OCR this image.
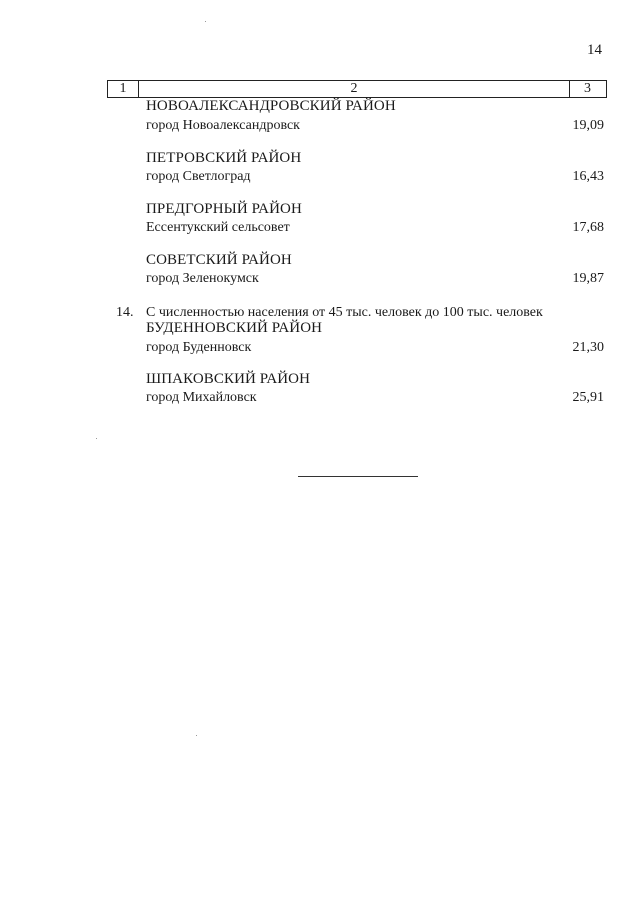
14
1	2	3
НОВОАЛЕКСАНДРОВСКИЙ РАЙОН
город Новоалександровск	19,09
ПЕТРОВСКИЙ РАЙОН
город Светлоград	16,43
ПРЕДГОРНЫЙ РАЙОН
Ессентукский сельсовет	17,68
СОВЕТСКИЙ РАЙОН
город Зеленокумск	19,87
14. С численностью населения от 45 тыс. человек до 100 тыс. человек
БУДЕННОВСКИЙ РАЙОН
город Буденновск	21,30
ШПАКОВСКИЙ РАЙОН
город Михайловск	25,91
